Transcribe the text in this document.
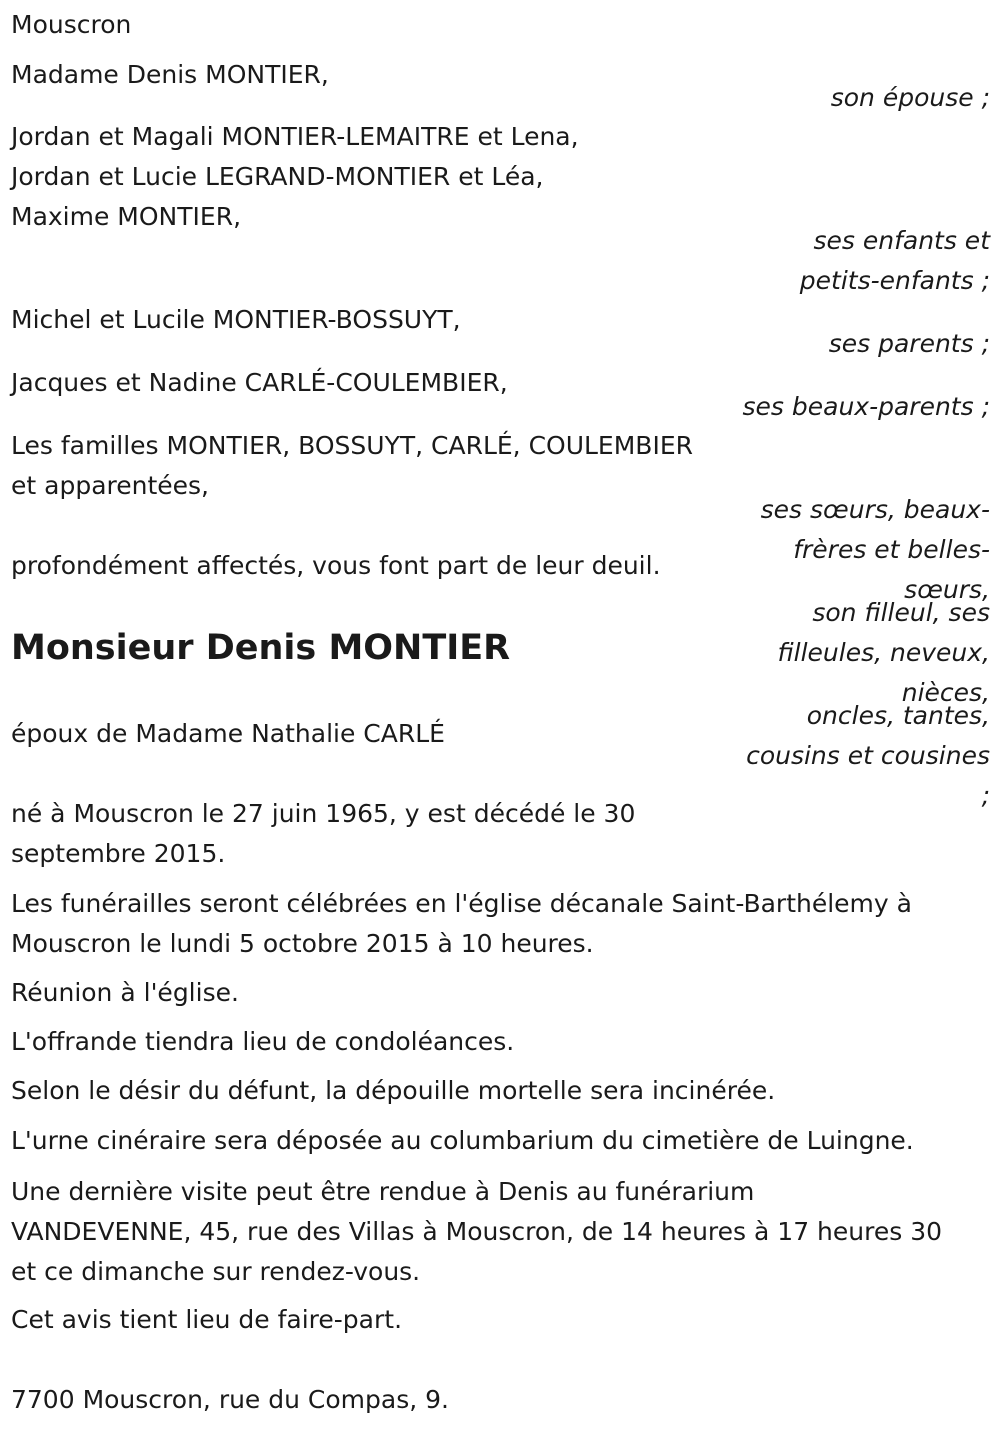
Mouscron
Madame Denis MONTIER,
son épouse ;
Jordan et Magali MONTIER-LEMAITRE et Lena,
Jordan et Lucie LEGRAND-MONTIER et Léa,
Maxime MONTIER,
ses enfants et
petits-enfants ;
Michel et Lucile MONTIER-BOSSUYT,
ses parents ;
Jacques et Nadine CARLÉ-COULEMBIER,
ses beaux-parents ;
Les familles MONTIER, BOSSUYT, CARLÉ, COULEMBIER
et apparentées,
ses sœurs, beaux-
frères et belles-
sœurs,
son filleul, ses
filleules, neveux,
nièces,
oncles, tantes,
cousins et cousines
;
profondément affectés, vous font part de leur deuil.
Monsieur Denis MONTIER
époux de Madame Nathalie CARLÉ
né à Mouscron le 27 juin 1965, y est décédé le 30
septembre 2015.
Les funérailles seront célébrées en l'église décanale Saint-Barthélemy à
Mouscron le lundi 5 octobre 2015 à 10 heures.
Réunion à l'église.
L'offrande tiendra lieu de condoléances.
Selon le désir du défunt, la dépouille mortelle sera incinérée.
L'urne cinéraire sera déposée au columbarium du cimetière de Luingne.
Une dernière visite peut être rendue à Denis au funérarium
VANDEVENNE, 45, rue des Villas à Mouscron, de 14 heures à 17 heures 30
et ce dimanche sur rendez-vous.
Cet avis tient lieu de faire-part.
7700 Mouscron, rue du Compas, 9.
